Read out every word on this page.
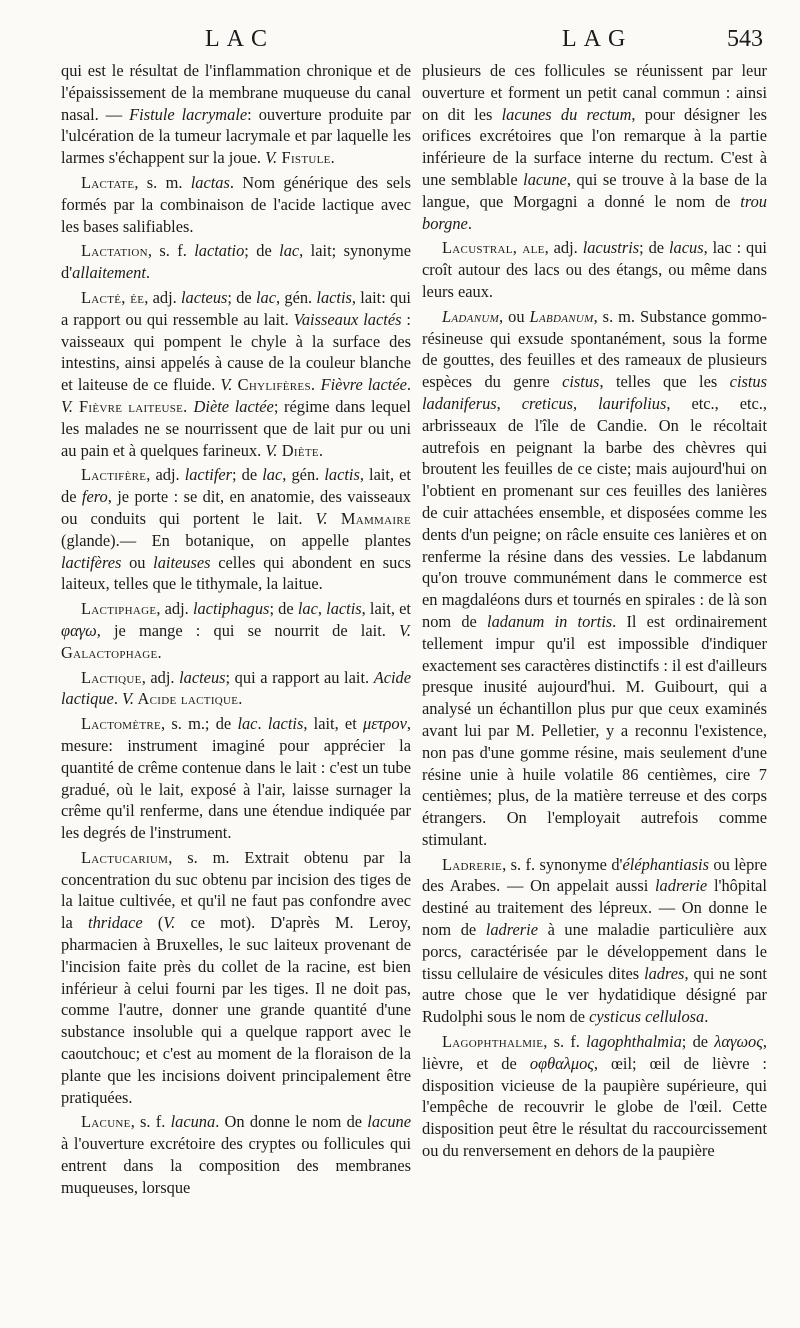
LAC	LAG	543

qui est le résultat de l'inflammation chronique et de l'épaississement de la membrane muqueuse du canal nasal. — Fistule lacrymale: ouverture produite par l'ulcération de la tumeur lacrymale et par laquelle les larmes s'échappent sur la joue. V. Fistule.

Lactate, s. m. lactas. Nom générique des sels formés par la combinaison de l'acide lactique avec les bases salifiables.

Lactation, s. f. lactatio; de lac, lait; synonyme d'allaitement.

Lacté, ée, adj. lacteus; de lac, gén. lactis, lait: qui a rapport ou qui ressemble au lait. Vaisseaux lactés : vaisseaux qui pompent le chyle à la surface des intestins, ainsi appelés à cause de la couleur blanche et laiteuse de ce fluide. V. Chylifères. Fièvre lactée. V. Fièvre laiteuse. Diète lactée; régime dans lequel les malades ne se nourrissent que de lait pur ou uni au pain et à quelques farineux. V. Diète.

Lactifère, adj. lactifer; de lac, gén. lactis, lait, et de fero, je porte : se dit, en anatomie, des vaisseaux ou conduits qui portent le lait. V. Mammaire (glande).— En botanique, on appelle plantes lactifères ou laiteuses celles qui abondent en sucs laiteux, telles que le tithymale, la laitue.

Lactiphage, adj. lactiphagus; de lac, lactis, lait, et φαγω, je mange : qui se nourrit de lait. V. Galactophage.

Lactique, adj. lacteus; qui a rapport au lait. Acide lactique. V. Acide lactique.

Lactomètre, s. m.; de lac. lactis, lait, et μετρον, mesure: instrument imaginé pour apprécier la quantité de crême contenue dans le lait : c'est un tube gradué, où le lait, exposé à l'air, laisse surnager la crême qu'il renferme, dans une étendue indiquée par les degrés de l'instrument.

Lactucarium, s. m. Extrait obtenu par la concentration du suc obtenu par incision des tiges de la laitue cultivée, et qu'il ne faut pas confondre avec la thridace (V. ce mot). D'après M. Leroy, pharmacien à Bruxelles, le suc laiteux provenant de l'incision faite près du collet de la racine, est bien inférieur à celui fourni par les tiges. Il ne doit pas, comme l'autre, donner une grande quantité d'une substance insoluble qui a quelque rapport avec le caoutchouc; et c'est au moment de la floraison de la plante que les incisions doivent principalement être pratiquées.

Lacune, s. f. lacuna. On donne le nom de lacune à l'ouverture excrétoire des cryptes ou follicules qui entrent dans la composition des membranes muqueuses, lorsque

plusieurs de ces follicules se réunissent par leur ouverture et forment un petit canal commun : ainsi on dit les lacunes du rectum, pour désigner les orifices excrétoires que l'on remarque à la partie inférieure de la surface interne du rectum. C'est à une semblable lacune, qui se trouve à la base de la langue, que Morgagni a donné le nom de trou borgne.

Lacustral, ale, adj. lacustris; de lacus, lac : qui croît autour des lacs ou des étangs, ou même dans leurs eaux.

Ladanum, ou Labdanum, s. m. Substance gommo-résineuse qui exsude spontanément, sous la forme de gouttes, des feuilles et des rameaux de plusieurs espèces du genre cistus, telles que les cistus ladaniferus, creticus, laurifolius, etc., etc., arbrisseaux de l'île de Candie. On le récoltait autrefois en peignant la barbe des chèvres qui broutent les feuilles de ce ciste; mais aujourd'hui on l'obtient en promenant sur ces feuilles des lanières de cuir attachées ensemble, et disposées comme les dents d'un peigne; on râcle ensuite ces lanières et on renferme la résine dans des vessies. Le labdanum qu'on trouve communément dans le commerce est en magdaléons durs et tournés en spirales : de là son nom de ladanum in tortis. Il est ordinairement tellement impur qu'il est impossible d'indiquer exactement ses caractères distinctifs : il est d'ailleurs presque inusité aujourd'hui. M. Guibourt, qui a analysé un échantillon plus pur que ceux examinés avant lui par M. Pelletier, y a reconnu l'existence, non pas d'une gomme résine, mais seulement d'une résine unie à huile volatile 86 centièmes, cire 7 centièmes; plus, de la matière terreuse et des corps étrangers. On l'employait autrefois comme stimulant.

Ladrerie, s. f. synonyme d'éléphantiasis ou lèpre des Arabes. — On appelait aussi ladrerie l'hôpital destiné au traitement des lépreux. — On donne le nom de ladrerie à une maladie particulière aux porcs, caractérisée par le développement dans le tissu cellulaire de vésicules dites ladres, qui ne sont autre chose que le ver hydatidique désigné par Rudolphi sous le nom de cysticus cellulosa.

Lagophthalmie, s. f. lagophthalmia; de λαγωος, lièvre, et de οφθαλμος, œil; œil de lièvre : disposition vicieuse de la paupière supérieure, qui l'empêche de recouvrir le globe de l'œil. Cette disposition peut être le résultat du raccourcissement ou du renversement en dehors de la paupière
